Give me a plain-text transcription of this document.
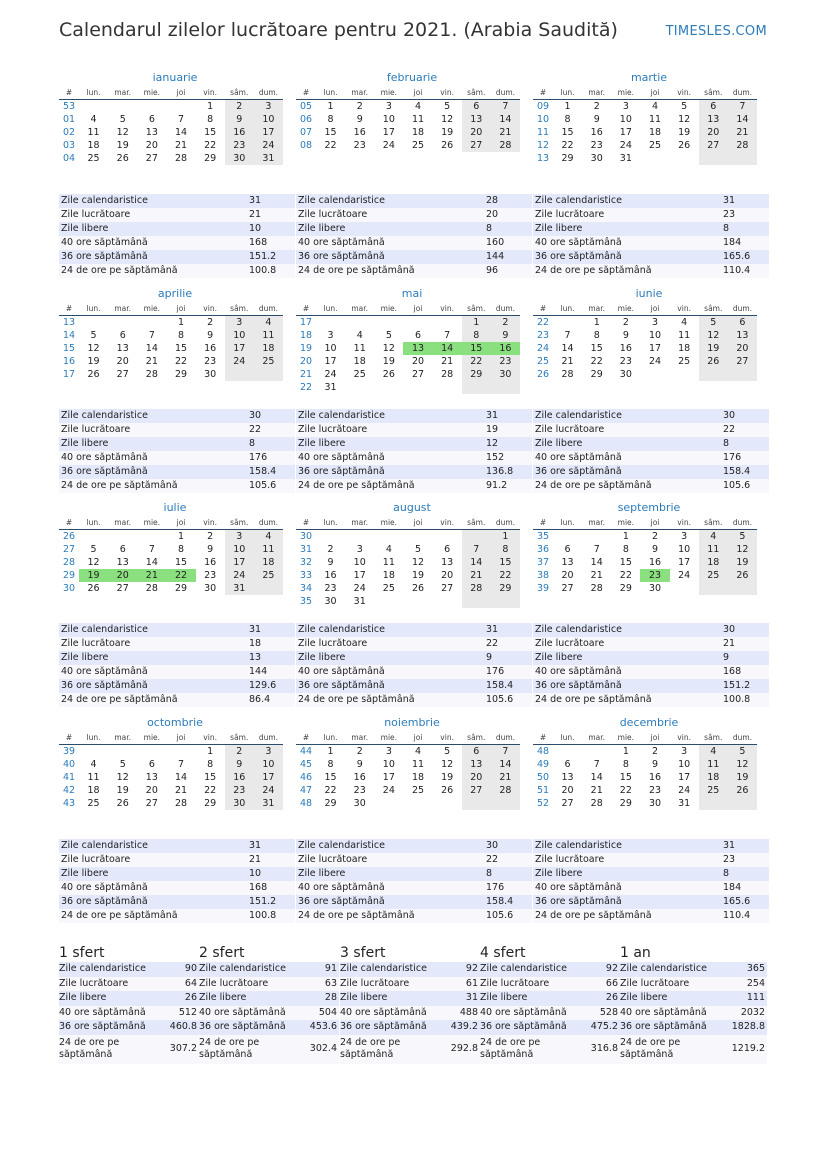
Calendarul zilelor lucrătoare pentru 2021. (Arabia Saudită)	TIMESLES.COM
ianuarie
#	lun.	mar.	mie.	joi	vin.	sâm.	dum.
53					1	2	3
01	4	5	6	7	8	9	10
02	11	12	13	14	15	16	17
03	18	19	20	21	22	23	24
04	25	26	27	28	29	30	31
Zile calendaristice	31
Zile lucrătoare	21
Zile libere	10
40 ore săptămână	168
36 ore săptămână	151.2
24 de ore pe săptămână	100.8
februarie
#	lun.	mar.	mie.	joi	vin.	sâm.	dum.
05	1	2	3	4	5	6	7
06	8	9	10	11	12	13	14
07	15	16	17	18	19	20	21
08	22	23	24	25	26	27	28
Zile calendaristice	28
Zile lucrătoare	20
Zile libere	8
40 ore săptămână	160
36 ore săptămână	144
24 de ore pe săptămână	96
martie
#	lun.	mar.	mie.	joi	vin.	sâm.	dum.
09	1	2	3	4	5	6	7
10	8	9	10	11	12	13	14
11	15	16	17	18	19	20	21
12	22	23	24	25	26	27	28
13	29	30	31				
Zile calendaristice	31
Zile lucrătoare	23
Zile libere	8
40 ore săptămână	184
36 ore săptămână	165.6
24 de ore pe săptămână	110.4
aprilie
#	lun.	mar.	mie.	joi	vin.	sâm.	dum.
13				1	2	3	4
14	5	6	7	8	9	10	11
15	12	13	14	15	16	17	18
16	19	20	21	22	23	24	25
17	26	27	28	29	30		
Zile calendaristice	30
Zile lucrătoare	22
Zile libere	8
40 ore săptămână	176
36 ore săptămână	158.4
24 de ore pe săptămână	105.6
mai
#	lun.	mar.	mie.	joi	vin.	sâm.	dum.
17						1	2
18	3	4	5	6	7	8	9
19	10	11	12	13	14	15	16
20	17	18	19	20	21	22	23
21	24	25	26	27	28	29	30
22	31						
Zile calendaristice	31
Zile lucrătoare	19
Zile libere	12
40 ore săptămână	152
36 ore săptămână	136.8
24 de ore pe săptămână	91.2
iunie
#	lun.	mar.	mie.	joi	vin.	sâm.	dum.
22		1	2	3	4	5	6
23	7	8	9	10	11	12	13
24	14	15	16	17	18	19	20
25	21	22	23	24	25	26	27
26	28	29	30				
Zile calendaristice	30
Zile lucrătoare	22
Zile libere	8
40 ore săptămână	176
36 ore săptămână	158.4
24 de ore pe săptămână	105.6
iulie
#	lun.	mar.	mie.	joi	vin.	sâm.	dum.
26				1	2	3	4
27	5	6	7	8	9	10	11
28	12	13	14	15	16	17	18
29	19	20	21	22	23	24	25
30	26	27	28	29	30	31	
Zile calendaristice	31
Zile lucrătoare	18
Zile libere	13
40 ore săptămână	144
36 ore săptămână	129.6
24 de ore pe săptămână	86.4
august
#	lun.	mar.	mie.	joi	vin.	sâm.	dum.
30							1
31	2	3	4	5	6	7	8
32	9	10	11	12	13	14	15
33	16	17	18	19	20	21	22
34	23	24	25	26	27	28	29
35	30	31					
Zile calendaristice	31
Zile lucrătoare	22
Zile libere	9
40 ore săptămână	176
36 ore săptămână	158.4
24 de ore pe săptămână	105.6
septembrie
#	lun.	mar.	mie.	joi	vin.	sâm.	dum.
35			1	2	3	4	5
36	6	7	8	9	10	11	12
37	13	14	15	16	17	18	19
38	20	21	22	23	24	25	26
39	27	28	29	30			
Zile calendaristice	30
Zile lucrătoare	21
Zile libere	9
40 ore săptămână	168
36 ore săptămână	151.2
24 de ore pe săptămână	100.8
octombrie
#	lun.	mar.	mie.	joi	vin.	sâm.	dum.
39					1	2	3
40	4	5	6	7	8	9	10
41	11	12	13	14	15	16	17
42	18	19	20	21	22	23	24
43	25	26	27	28	29	30	31
Zile calendaristice	31
Zile lucrătoare	21
Zile libere	10
40 ore săptămână	168
36 ore săptămână	151.2
24 de ore pe săptămână	100.8
noiembrie
#	lun.	mar.	mie.	joi	vin.	sâm.	dum.
44	1	2	3	4	5	6	7
45	8	9	10	11	12	13	14
46	15	16	17	18	19	20	21
47	22	23	24	25	26	27	28
48	29	30					
Zile calendaristice	30
Zile lucrătoare	22
Zile libere	8
40 ore săptămână	176
36 ore săptămână	158.4
24 de ore pe săptămână	105.6
decembrie
#	lun.	mar.	mie.	joi	vin.	sâm.	dum.
48			1	2	3	4	5
49	6	7	8	9	10	11	12
50	13	14	15	16	17	18	19
51	20	21	22	23	24	25	26
52	27	28	29	30	31		
Zile calendaristice	31
Zile lucrătoare	23
Zile libere	8
40 ore săptămână	184
36 ore săptămână	165.6
24 de ore pe săptămână	110.4
1 sfert
Zile calendaristice	90
Zile lucrătoare	64
Zile libere	26
40 ore săptămână	512
36 ore săptămână	460.8
24 de ore pe săptămână	307.2
2 sfert
Zile calendaristice	91
Zile lucrătoare	63
Zile libere	28
40 ore săptămână	504
36 ore săptămână	453.6
24 de ore pe săptămână	302.4
3 sfert
Zile calendaristice	92
Zile lucrătoare	61
Zile libere	31
40 ore săptămână	488
36 ore săptămână	439.2
24 de ore pe săptămână	292.8
4 sfert
Zile calendaristice	92
Zile lucrătoare	66
Zile libere	26
40 ore săptămână	528
36 ore săptămână	475.2
24 de ore pe săptămână	316.8
1 an
Zile calendaristice	365
Zile lucrătoare	254
Zile libere	111
40 ore săptămână	2032
36 ore săptămână	1828.8
24 de ore pe săptămână	1219.2
